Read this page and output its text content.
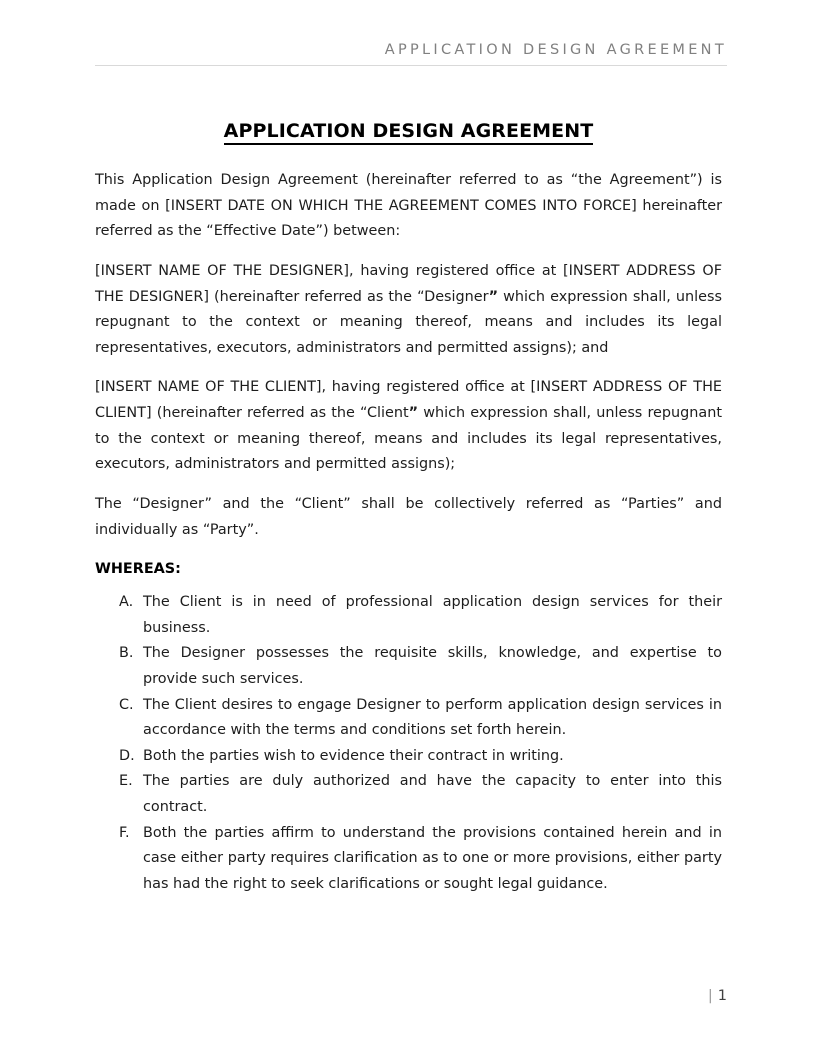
APPLICATION DESIGN AGREEMENT
APPLICATION DESIGN AGREEMENT

This Application Design Agreement (hereinafter referred to as “the Agreement”) is made on [INSERT DATE ON WHICH THE AGREEMENT COMES INTO FORCE] hereinafter referred as the “Effective Date”) between:

[INSERT NAME OF THE DESIGNER], having registered office at [INSERT ADDRESS OF THE DESIGNER] (hereinafter referred as the “Designer” which expression shall, unless repugnant to the context or meaning thereof, means and includes its legal representatives, executors, administrators and permitted assigns); and

[INSERT NAME OF THE CLIENT], having registered office at [INSERT ADDRESS OF THE CLIENT] (hereinafter referred as the “Client” which expression shall, unless repugnant to the context or meaning thereof, means and includes its legal representatives, executors, administrators and permitted assigns);

The “Designer” and the “Client” shall be collectively referred as “Parties” and individually as “Party”.

WHEREAS:

A. The Client is in need of professional application design services for their business.
B. The Designer possesses the requisite skills, knowledge, and expertise to provide such services.
C. The Client desires to engage Designer to perform application design services in accordance with the terms and conditions set forth herein.
D. Both the parties wish to evidence their contract in writing.
E. The parties are duly authorized and have the capacity to enter into this contract.
F. Both the parties affirm to understand the provisions contained herein and in case either party requires clarification as to one or more provisions, either party has had the right to seek clarifications or sought legal guidance.
| 1
